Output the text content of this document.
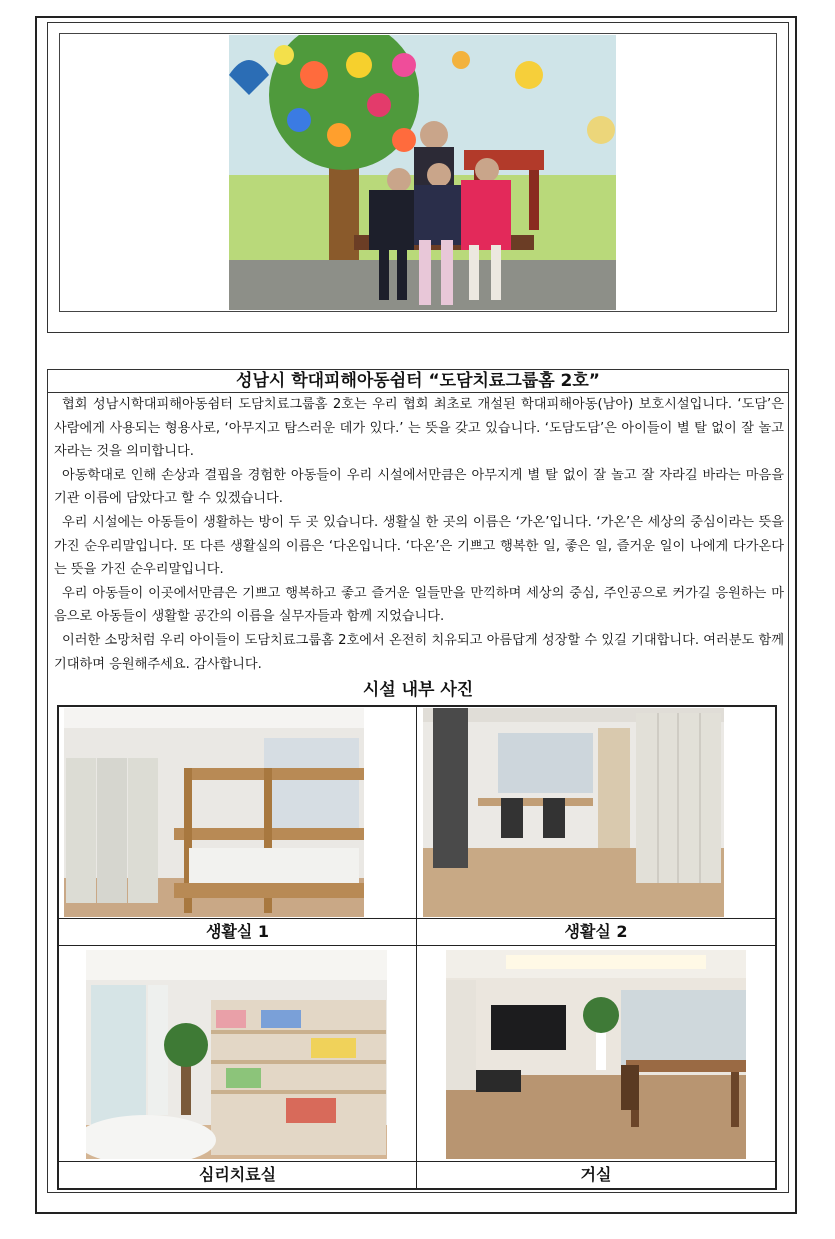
성남시 학대피해아동쉼터 “도담치료그룹홈 2호”

협회 성남시학대피해아동쉼터 도담치료그룹홈 2호는 우리 협회 최초로 개설된 학대피해아동(남아) 보호시설입니다. ‘도담’은 사람에게 사용되는 형용사로, ‘아무지고 탐스러운 데가 있다.’ 는 뜻을 갖고 있습니다. ‘도담도담’은 아이들이 별 탈 없이 잘 놀고 자라는 것을 의미합니다.

아동학대로 인해 손상과 결핍을 경험한 아동들이 우리 시설에서만큼은 아무지게 별 탈 없이 잘 놀고 잘 자라길 바라는 마음을 기관 이름에 담았다고 할 수 있겠습니다.

우리 시설에는 아동들이 생활하는 방이 두 곳 있습니다. 생활실 한 곳의 이름은 ‘가온’입니다. ‘가온’은 세상의 중심이라는 뜻을 가진 순우리말입니다. 또 다른 생활실의 이름은 ‘다온입니다. ‘다온’은 기쁘고 행복한 일, 좋은 일, 즐거운 일이 나에게 다가온다는 뜻을 가진 순우리말입니다.

우리 아동들이 이곳에서만큼은 기쁘고 행복하고 좋고 즐거운 일들만을 만끽하며 세상의 중심, 주인공으로 커가길 응원하는 마음으로 아동들이 생활할 공간의 이름을 실무자들과 함께 지었습니다.

이러한 소망처럼 우리 아이들이 도담치료그룹홈 2호에서 온전히 치유되고 아름답게 성장할 수 있길 기대합니다. 여러분도 함께 기대하며 응원해주세요. 감사합니다.

시설 내부 사진
생활실 1	생활실 2
심리치료실	거실
